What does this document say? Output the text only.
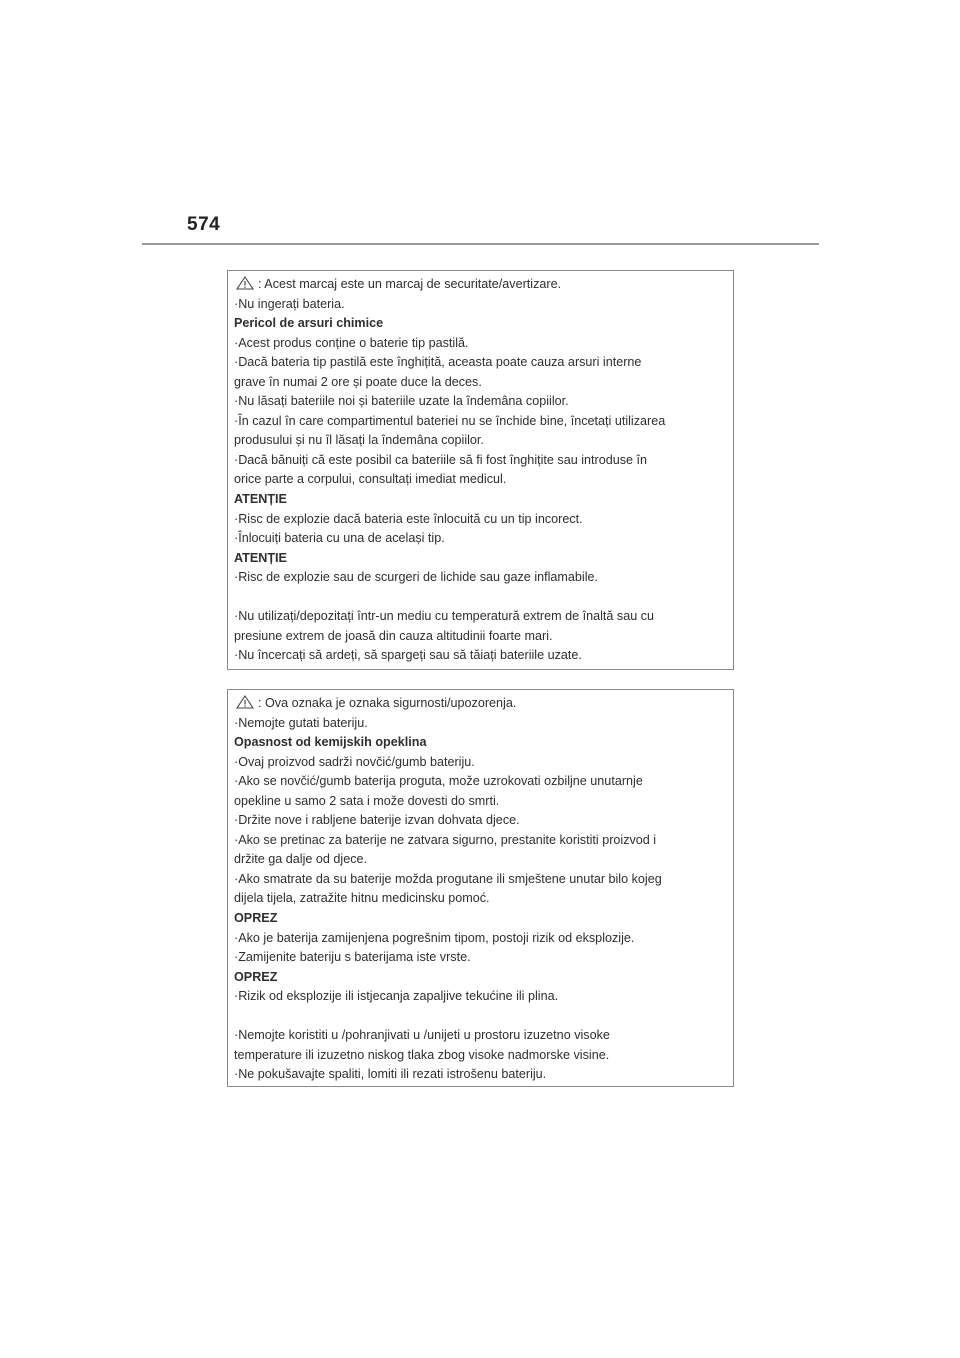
574
: Acest marcaj este un marcaj de securitate/avertizare.
·Nu ingerați bateria.
Pericol de arsuri chimice
·Acest produs conține o baterie tip pastilă.
·Dacă bateria tip pastilă este înghițită, aceasta poate cauza arsuri interne
grave în numai 2 ore și poate duce la deces.
·Nu lăsați bateriile noi și bateriile uzate la îndemâna copiilor.
·În cazul în care compartimentul bateriei nu se închide bine, încetați utilizarea
produsului și nu îl lăsați la îndemâna copiilor.
·Dacă bănuiți că este posibil ca bateriile să fi fost înghițite sau introduse în
orice parte a corpului, consultați imediat medicul.
ATENȚIE
·Risc de explozie dacă bateria este înlocuită cu un tip incorect.
·Înlocuiți bateria cu una de același tip.
ATENȚIE
·Risc de explozie sau de scurgeri de lichide sau gaze inflamabile.
·Nu utilizați/depozitați într-un mediu cu temperatură extrem de înaltă sau cu
presiune extrem de joasă din cauza altitudinii foarte mari.
·Nu încercați să ardeți, să spargeți sau să tăiați bateriile uzate.
: Ova oznaka je oznaka sigurnosti/upozorenja.
·Nemojte gutati bateriju.
Opasnost od kemijskih opeklina
·Ovaj proizvod sadrži novčić/gumb bateriju.
·Ako se novčić/gumb baterija proguta, može uzrokovati ozbiljne unutarnje
opekline u samo 2 sata i može dovesti do smrti.
·Držite nove i rabljene baterije izvan dohvata djece.
·Ako se pretinac za baterije ne zatvara sigurno, prestanite koristiti proizvod i
držite ga dalje od djece.
·Ako smatrate da su baterije možda progutane ili smještene unutar bilo kojeg
dijela tijela, zatražite hitnu medicinsku pomoć.
OPREZ
·Ako je baterija zamijenjena pogrešnim tipom, postoji rizik od eksplozije.
·Zamijenite bateriju s baterijama iste vrste.
OPREZ
·Rizik od eksplozije ili istjecanja zapaljive tekućine ili plina.
·Nemojte koristiti u /pohranjivati u /unijeti u prostoru izuzetno visoke
temperature ili izuzetno niskog tlaka zbog visoke nadmorske visine.
·Ne pokušavajte spaliti, lomiti ili rezati istrošenu bateriju.
